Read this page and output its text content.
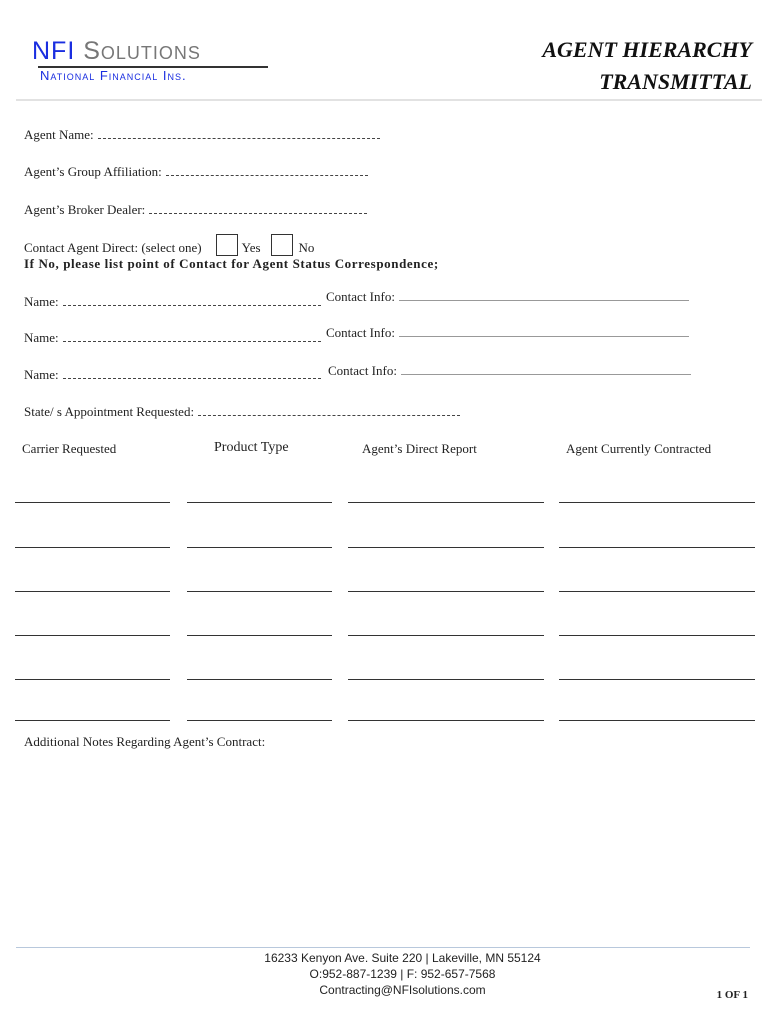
NFI Solutions
National Financial Ins.
AGENT HIERARCHY
TRANSMITTAL
Agent Name:
Agent’s Group Affiliation:
Agent’s Broker Dealer:
Contact Agent Direct: (select one)	Yes	No
If No, please list point of Contact for Agent Status Correspondence;
Name:	Contact Info:
Name:	Contact Info:
Name:	Contact Info:
State/ s Appointment Requested:
Carrier Requested	Product Type	Agent’s Direct Report	Agent Currently Contracted
Additional Notes Regarding Agent’s Contract:
16233 Kenyon Ave. Suite 220 | Lakeville, MN 55124
O:952-887-1239 | F: 952-657-7568
Contracting@NFIsolutions.com	1 OF 1
